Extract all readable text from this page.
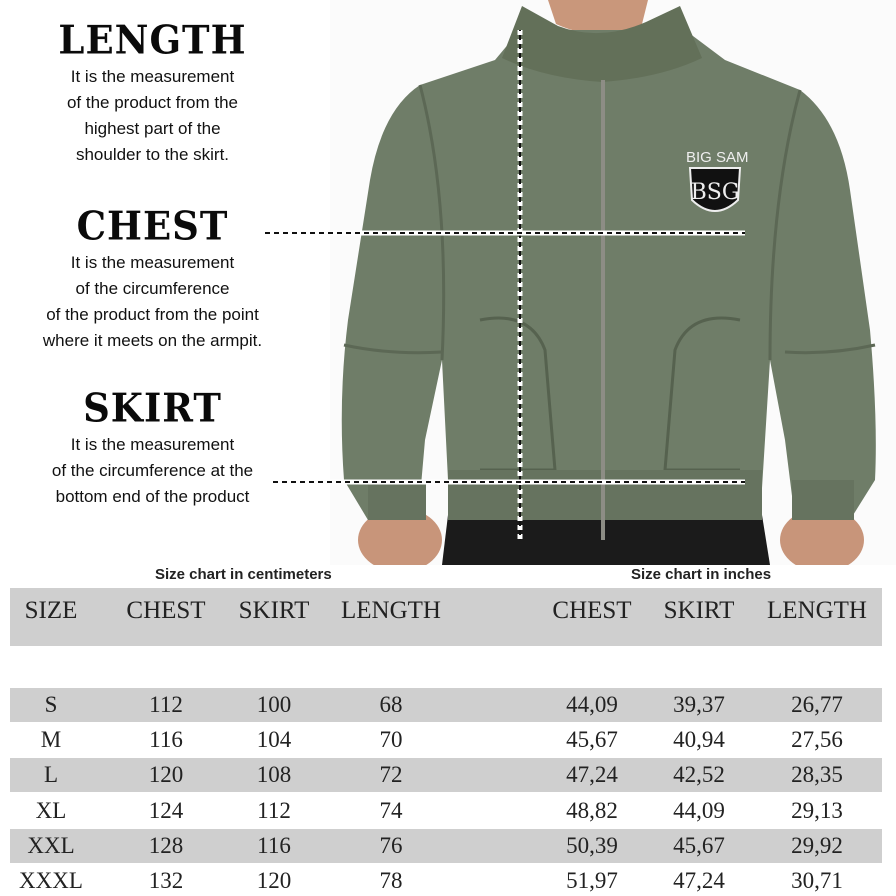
LENGTH
It is the measurement
of the product from the
highest part of the
shoulder to the skirt.
CHEST
It is the measurement
of the circumference
of the product from the point
where it meets on the armpit.
SKIRT
It is the measurement
of the circumference at the
bottom end of the product
BSG
BIG SAM
Size chart in centimeters	Size chart in inches
SIZE	CHEST	SKIRT	LENGTH	CHEST	SKIRT	LENGTH
S	112	100	68	44,09	39,37	26,77
M	116	104	70	45,67	40,94	27,56
L	120	108	72	47,24	42,52	28,35
XL	124	112	74	48,82	44,09	29,13
XXL	128	116	76	50,39	45,67	29,92
XXXL	132	120	78	51,97	47,24	30,71
